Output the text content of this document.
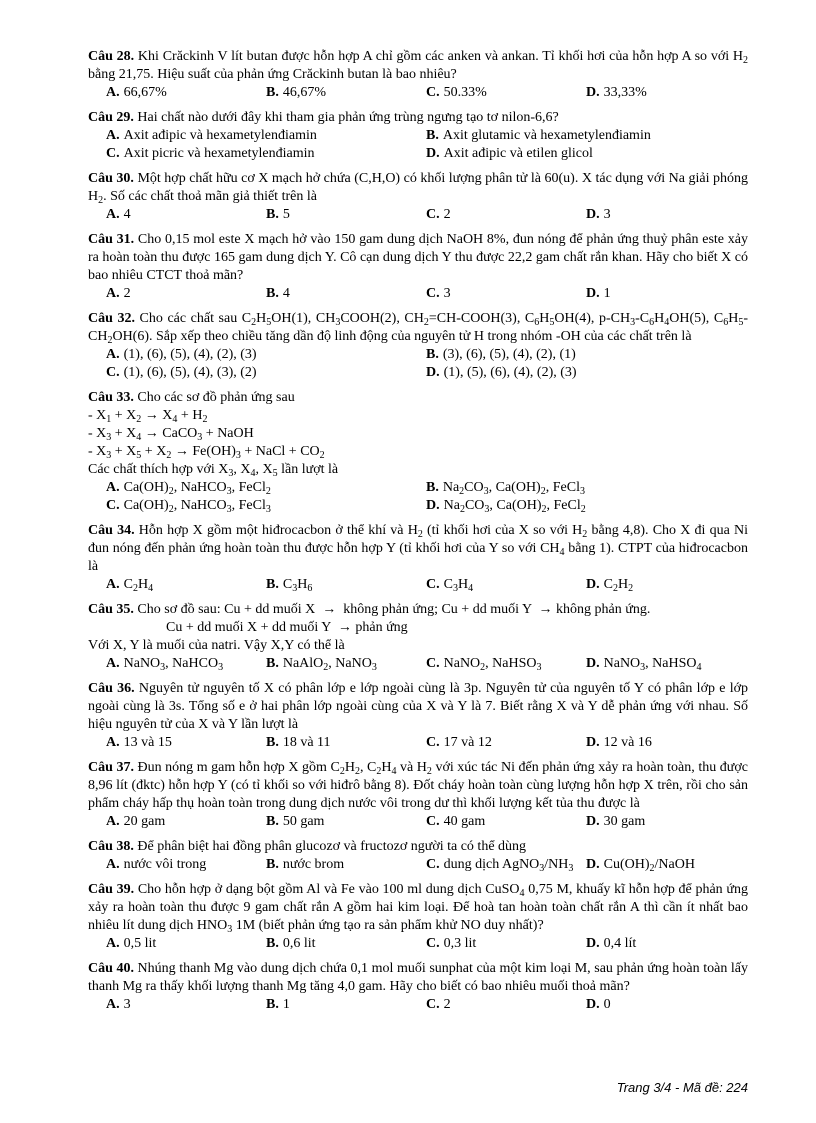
Câu 28. Khi Crăckinh V lít butan được hỗn hợp A chỉ gồm các anken và ankan. Tỉ khối hơi của hỗn hợp A so với $H_2$ bằng 21,75. Hiệu suất của phản ứng Crăckinh butan là bao nhiêu?

A. 66,67%	B. 46,67%	C. 50.33%	D. 33,33%

Câu 29. Hai chất nào dưới đây khi tham gia phản ứng trùng ngưng tạo tơ nilon-6,6?

A. Axit ađipic và hexametylenđiamin	B. Axit glutamic và hexametylenđiamin
C. Axit picric và hexametylenđiamin	D. Axit ađipic và etilen glicol

Câu 30. Một hợp chất hữu cơ X mạch hở chứa (C,H,O) có khối lượng phân tử là 60(u). X tác dụng với Na giải phóng $H_2$. Số các chất thoả mãn giả thiết trên là

A. 4	B. 5	C. 2	D. 3

Câu 31. Cho 0,15 mol este X mạch hở vào 150 gam dung dịch NaOH 8%, đun nóng để phản ứng thuỷ phân este xảy ra hoàn toàn thu được 165 gam dung dịch Y. Cô cạn dung dịch Y thu được 22,2 gam chất rắn khan. Hãy cho biết X có bao nhiêu CTCT thoả mãn?

A. 2	B. 4	C. 3	D. 1

Câu 32. Cho các chất sau $C_2H_5OH(1)$, $CH_3COOH(2)$, $CH_2=CH-COOH(3)$, $C_6H_5OH(4)$, $p-CH_3-C_6H_4OH(5)$, $C_6H_5-CH_2OH(6)$. Sắp xếp theo chiều tăng dần độ linh động của nguyên tử H trong nhóm -OH của các chất trên là

A. (1), (6), (5), (4), (2), (3)	B. (3), (6), (5), (4), (2), (1)
C. (1), (6), (5), (4), (3), (2)	D. (1), (5), (6), (4), (2), (3)

Câu 33. Cho các sơ đồ phản ứng sau

- $X_1 + X_2 \to X_4 + H_2$

- $X_3 + X_4$ → CaCO$_3$ + NaOH

- $X_3 + X_5 + X_2 \to Fe(OH)_3$ + NaCl + $CO_2$

Các chất thích hợp với $X_3$, $X_4$, $X_5$ lần lượt là

A. $Ca(OH)_2$, NaHCO$_3$, FeCl$_2$	B. $Na_2CO_3$, $Ca(OH)_2$, FeCl$_3$
C. $Ca(OH)_2$, NaHCO$_3$, FeCl$_3$	D. $Na_2CO_3$, $Ca(OH)_2$, FeCl$_2$

Câu 34. Hỗn hợp X gồm một hiđrocacbon ở thể khí và $H_2$ (tỉ khối hơi của X so với $H_2$ bằng 4,8). Cho X đi qua Ni đun nóng đến phản ứng hoàn toàn thu được hỗn hợp Y (tỉ khối hơi của Y so với $CH_4$ bằng 1). CTPT của hiđrocacbon là

A. $C_2H_4$	B. $C_3H_6$	C. $C_3H_4$	D. $C_2H_2$

Câu 35. Cho sơ đồ sau: Cu + dd muối X  →  không phản ứng; Cu + dd muối Y  → không phản ứng.

Cu + dd muối X + dd muối Y  → phản ứng

Với X, Y là muối của natri. Vậy X,Y có thể là

A. NaNO$_3$, NaHCO$_3$	B. NaAlO$_2$, NaNO$_3$	C. NaNO$_2$, NaHSO$_3$	D. NaNO$_3$, NaHSO$_4$

Câu 36. Nguyên tử nguyên tố X có phân lớp e lớp ngoài cùng là 3p. Nguyên tử của nguyên tố Y có phân lớp e lớp ngoài cùng là 3s. Tổng số e ở hai phân lớp ngoài cùng của X và Y là 7. Biết rằng X và Y dễ phản ứng với nhau. Số hiệu nguyên tử của X và Y lần lượt là

A. 13 và 15	B. 18 và 11	C. 17 và 12	D. 12 và 16

Câu 37. Đun nóng m gam hỗn hợp X gồm $C_2H_2$, $C_2H_4$ và $H_2$ với xúc tác Ni đến phản ứng xảy ra hoàn toàn, thu được 8,96 lít (đktc) hỗn hợp Y (có tỉ khối so với hiđrô bằng 8). Đốt cháy hoàn toàn cùng lượng hỗn hợp X trên, rồi cho sản phẩm cháy hấp thụ hoàn toàn trong dung dịch nước vôi trong dư thì khối lượng kết tủa thu được là

A. 20 gam	B. 50 gam	C. 40 gam	D. 30 gam

Câu 38. Để phân biệt hai đồng phân glucozơ và fructozơ người ta có thể dùng

A. nước vôi trong	B. nước brom	C. dung dịch $AgNO_3/NH_3$ D. $Cu(OH)_2$/NaOH

Câu 39. Cho hỗn hợp ở dạng bột gồm Al và Fe vào 100 ml dung dịch CuSO$_4$ 0,75 M, khuấy kĩ hỗn hợp để phản ứng xảy ra hoàn toàn thu được 9 gam chất rắn A gồm hai kim loại. Để hoà tan hoàn toàn chất rắn A thì cần ít nhất bao nhiêu lít dung dịch $HNO_3$ 1M (biết phản ứng tạo ra sản phẩm khử NO duy nhất)?

A. 0,5 lit	B. 0,6 lit	C. 0,3 lit	D. 0,4 lít

Câu 40. Nhúng thanh Mg vào dung dịch chứa 0,1 mol muối sunphat của một kim loại M, sau phản ứng hoàn toàn lấy thanh Mg ra thấy khối lượng thanh Mg tăng 4,0 gam. Hãy cho biết có bao nhiêu muối thoả mãn?

A. 3	B. 1	C. 2	D. 0
Trang 3/4 - Mã đề: 224
